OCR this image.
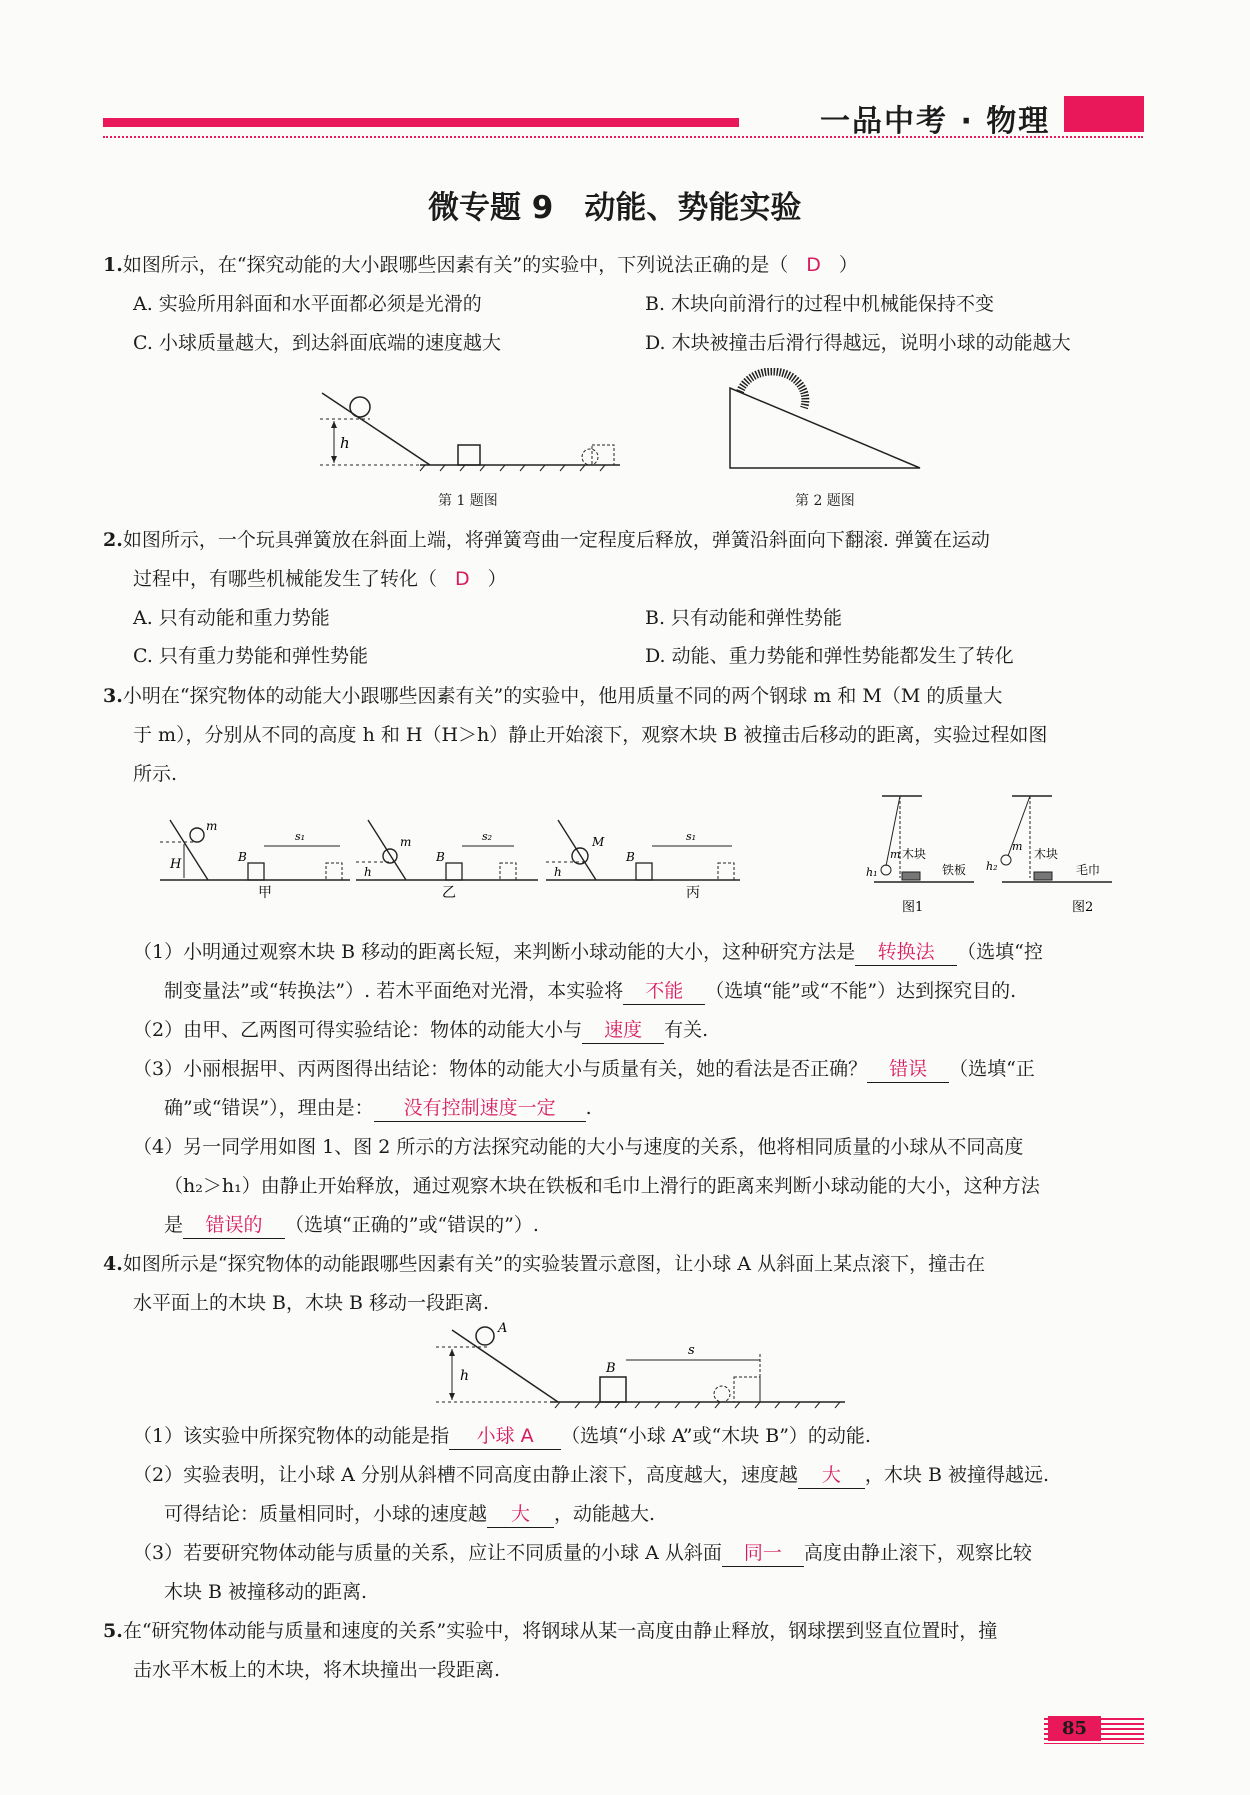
一品中考 · 物理
微专题 9　动能、势能实验
1.如图所示，在“探究动能的大小跟哪些因素有关”的实验中，下列说法正确的是（ D ）
A. 实验所用斜面和水平面都必须是光滑的	B. 木块向前滑行的过程中机械能保持不变
C. 小球质量越大，到达斜面底端的速度越大	D. 木块被撞击后滑行得越远，说明小球的动能越大
h
第 1 题图	第 2 题图
2.如图所示，一个玩具弹簧放在斜面上端，将弹簧弯曲一定程度后释放，弹簧沿斜面向下翻滚. 弹簧在运动
过程中，有哪些机械能发生了转化（ D ）
A. 只有动能和重力势能	B. 只有动能和弹性势能
C. 只有重力势能和弹性势能	D. 动能、重力势能和弹性势能都发生了转化
3.小明在“探究物体的动能大小跟哪些因素有关”的实验中，他用质量不同的两个钢球 m 和 M（M 的质量大
于 m），分别从不同的高度 h 和 H（H＞h）静止开始滚下，观察木块 B 被撞击后移动的距离，实验过程如图
所示.
m
H	B
s₁
甲
m
h
B
s₂
乙
M
h
B
s₁
丙
m
h₁
木块
铁板
图1
m
h₂
木块
毛巾
图2
（1）小明通过观察木块 B 移动的距离长短，来判断小球动能的大小，这种研究方法是 转换法 （选填“控
制变量法”或“转换法”）. 若木平面绝对光滑，本实验将 不能 （选填“能”或“不能”）达到探究目的.
（2）由甲、乙两图可得实验结论：物体的动能大小与 速度 有关.
（3）小丽根据甲、丙两图得出结论：物体的动能大小与质量有关，她的看法是否正确？ 错误 （选填“正
确”或“错误”），理由是： 没有控制速度一定 .
（4）另一同学用如图 1、图 2 所示的方法探究动能的大小与速度的关系，他将相同质量的小球从不同高度
（h₂＞h₁）由静止开始释放，通过观察木块在铁板和毛巾上滑行的距离来判断小球动能的大小，这种方法
是 错误的 （选填“正确的”或“错误的”）.
4.如图所示是“探究物体的动能跟哪些因素有关”的实验装置示意图，让小球 A 从斜面上某点滚下，撞击在
水平面上的木块 B，木块 B 移动一段距离.
A
h	B
s
（1）该实验中所探究物体的动能是指 小球 A （选填“小球 A”或“木块 B”）的动能.
（2）实验表明，让小球 A 分别从斜槽不同高度由静止滚下，高度越大，速度越 大 ，木块 B 被撞得越远.
可得结论：质量相同时，小球的速度越 大 ，动能越大.
（3）若要研究物体动能与质量的关系，应让不同质量的小球 A 从斜面 同一 高度由静止滚下，观察比较
木块 B 被撞移动的距离.
5.在“研究物体动能与质量和速度的关系”实验中，将钢球从某一高度由静止释放，钢球摆到竖直位置时，撞
击水平木板上的木块，将木块撞出一段距离.
85
